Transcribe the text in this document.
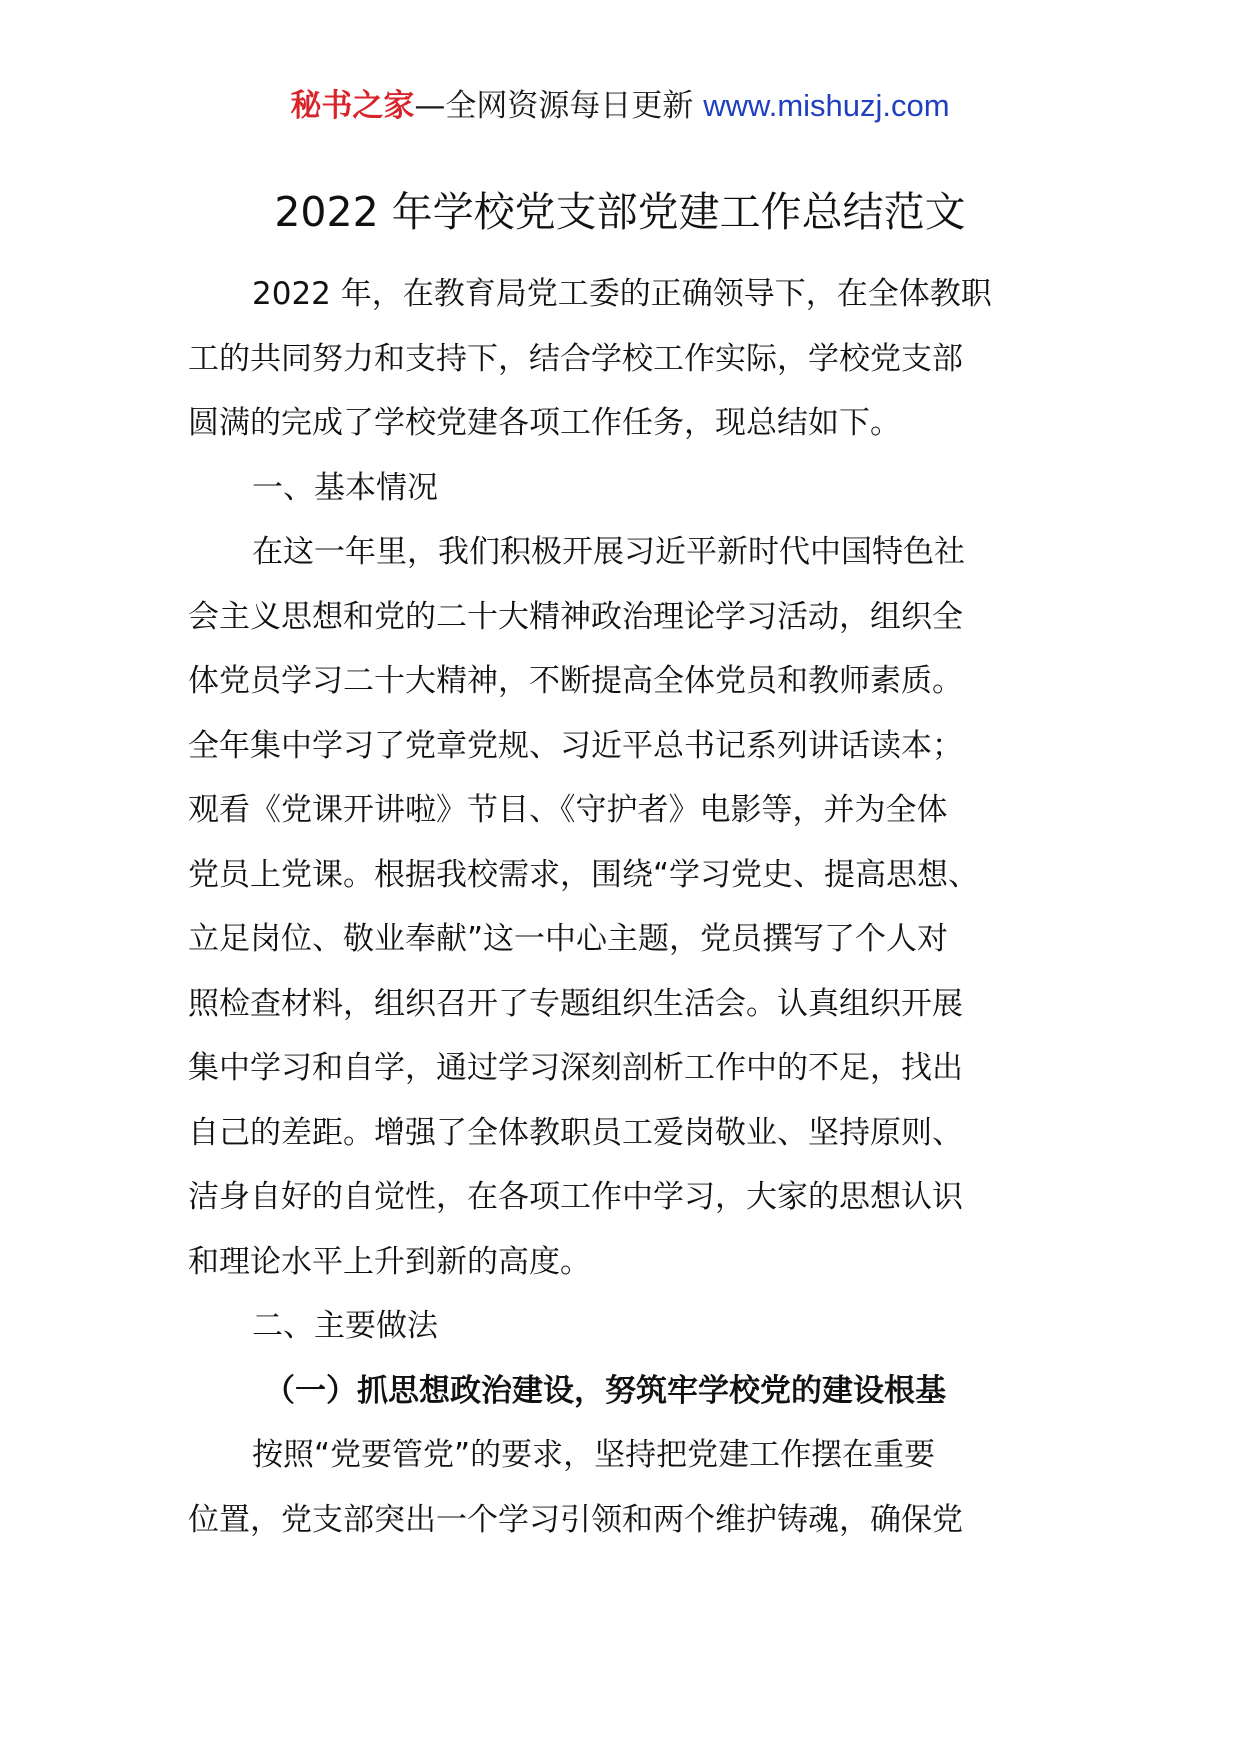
秘书之家—全网资源每日更新 www.mishuzj.com
2022 年学校党支部党建工作总结范文
2022 年，在教育局党工委的正确领导下，在全体教职
工的共同努力和支持下，结合学校工作实际，学校党支部
圆满的完成了学校党建各项工作任务，现总结如下。
一、基本情况
在这一年里，我们积极开展习近平新时代中国特色社
会主义思想和党的二十大精神政治理论学习活动，组织全
体党员学习二十大精神，不断提高全体党员和教师素质。
全年集中学习了党章党规、习近平总书记系列讲话读本；
观看《党课开讲啦》节目、《守护者》电影等，并为全体
党员上党课。根据我校需求，围绕“学习党史、提高思想、
立足岗位、敬业奉献”这一中心主题，党员撰写了个人对
照检查材料，组织召开了专题组织生活会。认真组织开展
集中学习和自学，通过学习深刻剖析工作中的不足，找出
自己的差距。增强了全体教职员工爱岗敬业、坚持原则、
洁身自好的自觉性，在各项工作中学习，大家的思想认识
和理论水平上升到新的高度。
二、主要做法
（一）抓思想政治建设，努筑牢学校党的建设根基
按照“党要管党”的要求，坚持把党建工作摆在重要
位置，党支部突出一个学习引领和两个维护铸魂，确保党
